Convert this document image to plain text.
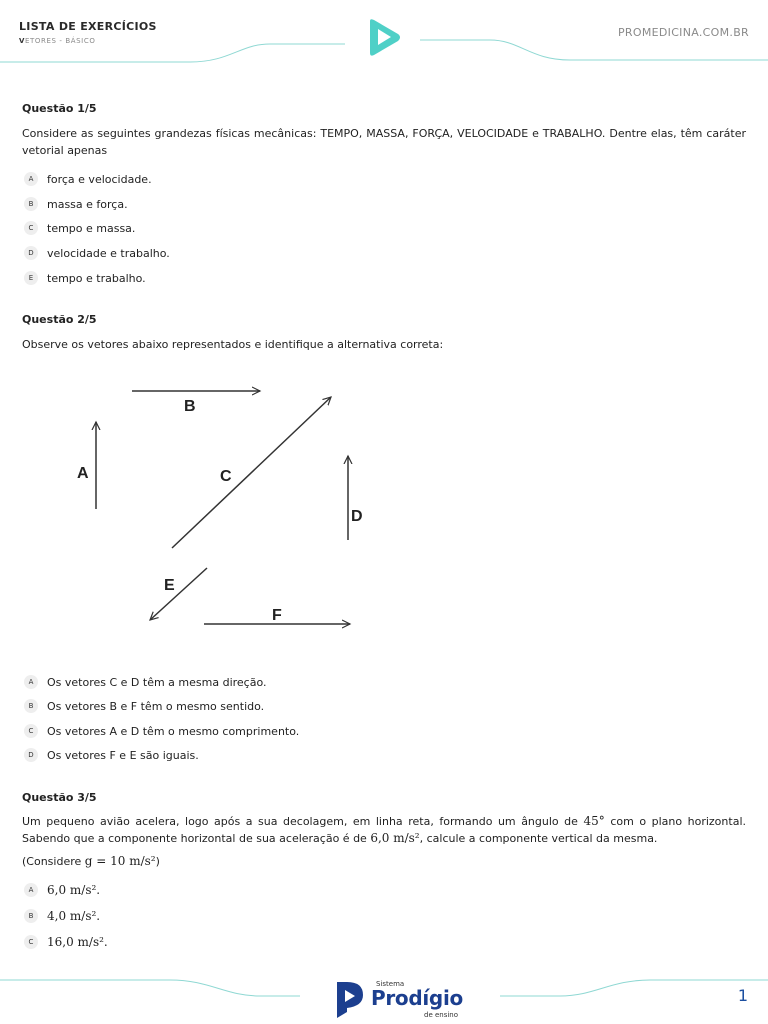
LISTA DE EXERCÍCIOS
VETORES - BÁSICO
PROMEDICINA.COM.BR
Questão 1/5
Considere as seguintes grandezas físicas mecânicas: TEMPO, MASSA, FORÇA, VELOCIDADE e TRABALHO. Dentre elas, têm caráter vetorial apenas
A	força e velocidade.
B	massa e força.
C	tempo e massa.
D	velocidade e trabalho.
E	tempo e trabalho.
Questão 2/5
Observe os vetores abaixo representados e identifique a alternativa correta:
A
B
C
D
E
F
A	Os vetores C e D têm a mesma direção.
B	Os vetores B e F têm o mesmo sentido.
C	Os vetores A e D têm o mesmo comprimento.
D	Os vetores F e E são iguais.
Questão 3/5
Um pequeno avião acelera, logo após a sua decolagem, em linha reta, formando um ângulo de 45° com o plano horizontal. Sabendo que a componente horizontal de sua aceleração é de 6,0 m/s², calcule a componente vertical da mesma.
(Considere g = 10 m/s²)
A	6,0 m/s².
B	4,0 m/s².
C	16,0 m/s².
Sistema
Prodígio
de ensino
1
